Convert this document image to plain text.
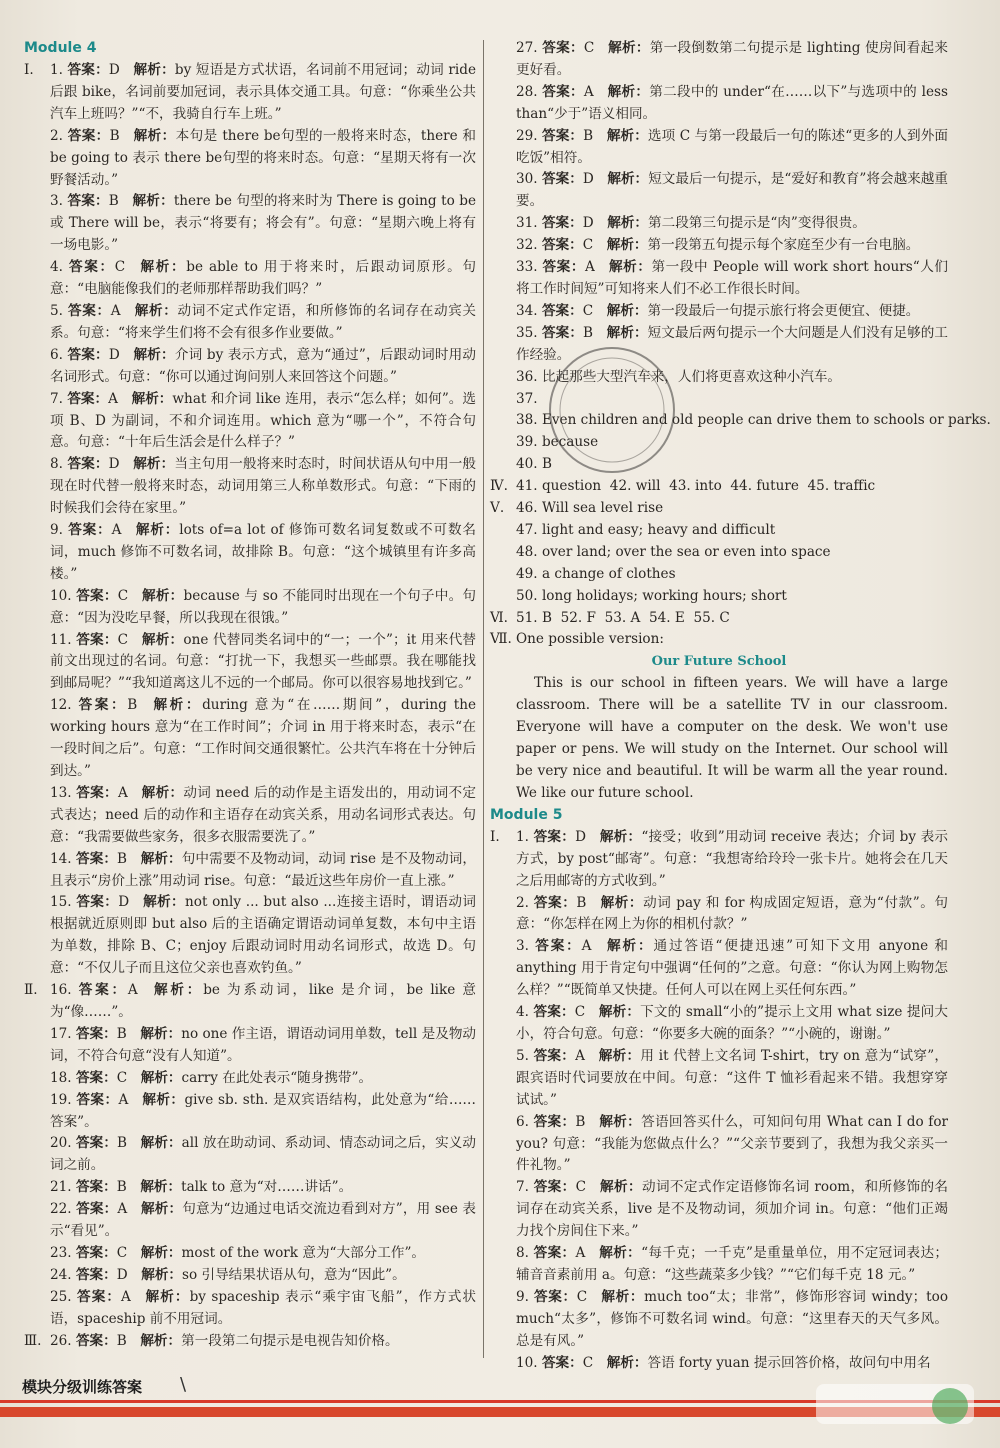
Module 4
Ⅰ. 1. 答案：D  解析：by 短语是方式状语，名词前不用冠词；动词 ride后跟 bike，名词前要加冠词，表示具体交通工具。句意：“你乘坐公共汽车上班吗？”“不，我骑自行车上班。”
2. 答案：B  解析：本句是 there be句型的一般将来时态，there 和 be going to 表示 there be句型的将来时态。句意：“星期天将有一次野餐活动。”
3. 答案：B  解析：there be 句型的将来时为 There is going to be或 There will be，表示“将要有；将会有”。句意：“星期六晚上将有一场电影。”
4. 答案：C  解析：be able to 用于将来时，后跟动词原形。句意：“电脑能像我们的老师那样帮助我们吗？”
5. 答案：A  解析：动词不定式作定语，和所修饰的名词存在动宾关系。句意：“将来学生们将不会有很多作业要做。”
6. 答案：D  解析：介词 by 表示方式，意为“通过”，后跟动词时用动名词形式。句意：“你可以通过询问别人来回答这个问题。”
7. 答案：A  解析：what 和介词 like 连用，表示“怎么样；如何”。选项 B、D 为副词，不和介词连用。which 意为“哪一个”，不符合句意。句意：“十年后生活会是什么样子？”
8. 答案：D  解析：当主句用一般将来时态时，时间状语从句中用一般现在时代替一般将来时态，动词用第三人称单数形式。句意：“下雨的时候我们会待在家里。”
9. 答案：A  解析：lots of=a lot of 修饰可数名词复数或不可数名词，much 修饰不可数名词，故排除 B。句意：“这个城镇里有许多高楼。”
10. 答案：C  解析：because 与 so 不能同时出现在一个句子中。句意：“因为没吃早餐，所以我现在很饿。”
11. 答案：C  解析：one 代替同类名词中的“一；一个”；it 用来代替前文出现过的名词。句意：“打扰一下，我想买一些邮票。我在哪能找到邮局呢？”“我知道离这儿不远的一个邮局。你可以很容易地找到它。”
12. 答案：B  解析：during 意为“在……期间”，during the working hours 意为“在工作时间”；介词 in 用于将来时态，表示“在一段时间之后”。句意：“工作时间交通很繁忙。公共汽车将在十分钟后到达。”
13. 答案：A  解析：动词 need 后的动作是主语发出的，用动词不定式表达；need 后的动作和主语存在动宾关系，用动名词形式表达。句意：“我需要做些家务，很多衣服需要洗了。”
14. 答案：B  解析：句中需要不及物动词，动词 rise 是不及物动词，且表示“房价上涨”用动词 rise。句意：“最近这些年房价一直上涨。”
15. 答案：D  解析：not only ... but also ...连接主语时，谓语动词根据就近原则即 but also 后的主语确定谓语动词单复数，本句中主语为单数，排除 B、C；enjoy 后跟动词时用动名词形式，故选 D。句意：“不仅儿子而且这位父亲也喜欢钓鱼。”
Ⅱ. 16. 答案：A  解析：be 为系动词，like 是介词，be like 意为“像……”。
17. 答案：B  解析：no one 作主语，谓语动词用单数，tell 是及物动词，不符合句意“没有人知道”。
18. 答案：C  解析：carry 在此处表示“随身携带”。
19. 答案：A  解析：give sb. sth. 是双宾语结构，此处意为“给……答案”。
20. 答案：B  解析：all 放在助动词、系动词、情态动词之后，实义动词之前。
21. 答案：B  解析：talk to 意为“对……讲话”。
22. 答案：A  解析：句意为“边通过电话交流边看到对方”，用 see 表示“看见”。
23. 答案：C  解析：most of the work 意为“大部分工作”。
24. 答案：D  解析：so 引导结果状语从句，意为“因此”。
25. 答案：A  解析：by spaceship 表示“乘宇宙飞船”，作方式状语，spaceship 前不用冠词。
Ⅲ. 26. 答案：B  解析：第一段第二句提示是电视告知价格。
27. 答案：C  解析：第一段倒数第二句提示是 lighting 使房间看起来更好看。
28. 答案：A  解析：第二段中的 under“在……以下”与选项中的 less than“少于”语义相同。
29. 答案：B  解析：选项 C 与第一段最后一句的陈述“更多的人到外面吃饭”相符。
30. 答案：D  解析：短文最后一句提示，是“爱好和教育”将会越来越重要。
31. 答案：D  解析：第二段第三句提示是“肉”变得很贵。
32. 答案：C  解析：第一段第五句提示每个家庭至少有一台电脑。
33. 答案：A  解析：第一段中 People will work short hours“人们将工作时间短”可知将来人们不必工作很长时间。
34. 答案：C  解析：第一段最后一句提示旅行将会更便宜、便捷。
35. 答案：B  解析：短文最后两句提示一个大问题是人们没有足够的工作经验。
36. 比起那些大型汽车来，人们将更喜欢这种小汽车。
37.
38. Even children and old people can drive them to schools or parks.
39. because
40. B
Ⅳ. 41. question  42. will  43. into  44. future  45. traffic
Ⅴ. 46. Will sea level rise
47. light and easy; heavy and difficult
48. over land; over the sea or even into space
49. a change of clothes
50. long holidays; working hours; short
Ⅵ. 51. B  52. F  53. A  54. E  55. C
Ⅶ. One possible version:
Our Future School
This is our school in fifteen years. We will have a large classroom. There will be a satellite TV in our classroom. Everyone will have a computer on the desk. We won't use paper or pens. We will study on the Internet. Our school will be very nice and beautiful. It will be warm all the year round. We like our future school.
Module 5
Ⅰ. 1. 答案：D  解析：“接受；收到”用动词 receive 表达；介词 by 表示方式，by post“邮寄”。句意：“我想寄给玲玲一张卡片。她将会在几天之后用邮寄的方式收到。”
2. 答案：B  解析：动词 pay 和 for 构成固定短语，意为“付款”。句意：“你怎样在网上为你的相机付款？”
3. 答案：A  解析：通过答语“便捷迅速”可知下文用 anyone 和 anything 用于肯定句中强调“任何的”之意。句意：“你认为网上购物怎么样？”“既简单又快捷。任何人可以在网上买任何东西。”
4. 答案：C  解析：下文的 small“小的”提示上文用 what size 提问大小，符合句意。句意：“你要多大碗的面条？”“小碗的，谢谢。”
5. 答案：A  解析：用 it 代替上文名词 T-shirt，try on 意为“试穿”，跟宾语时代词要放在中间。句意：“这件 T 恤衫看起来不错。我想穿穿试试。”
6. 答案：B  解析：答语回答买什么，可知问句用 What can I do for you? 句意：“我能为您做点什么？”“父亲节要到了，我想为我父亲买一件礼物。”
7. 答案：C  解析：动词不定式作定语修饰名词 room，和所修饰的名词存在动宾关系，live 是不及物动词，须加介词 in。句意：“他们正竭力找个房间住下来。”
8. 答案：A  解析：“每千克；一千克”是重量单位，用不定冠词表达；辅音音素前用 a。句意：“这些蔬菜多少钱？”“它们每千克 18 元。”
9. 答案：C  解析：much too“太；非常”，修饰形容词 windy；too much“太多”，修饰不可数名词 wind。句意：“这里春天的天气多风。总是有风。”
10. 答案：C  解析：答语 forty yuan 提示回答价格，故问句中用名
模块分级训练答案 \
